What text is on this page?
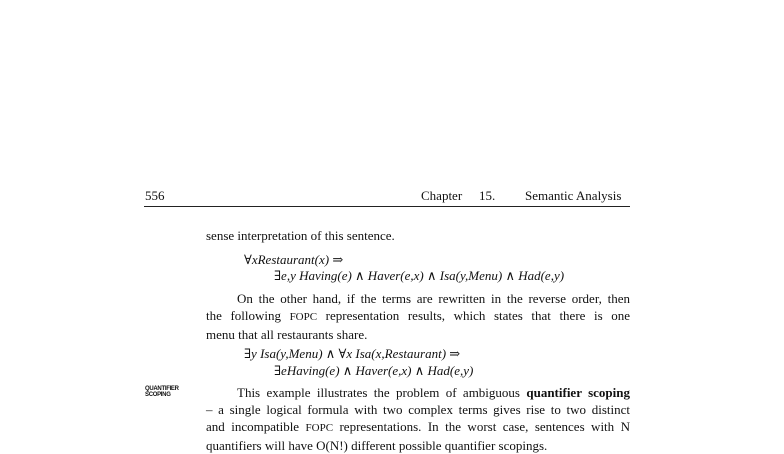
556	Chapter 15. Semantic Analysis
sense interpretation of this sentence.
∀xRestaurant(x) ⇒
∃e,y Having(e) ∧ Haver(e,x) ∧ Isa(y,Menu) ∧ Had(e,y)
On the other hand, if the terms are rewritten in the reverse order, then
the following FOPC representation results, which states that there is one
menu that all restaurants share.
∃y Isa(y,Menu) ∧ ∀x Isa(x,Restaurant) ⇒
∃eHaving(e) ∧ Haver(e,x) ∧ Had(e,y)
QUANTIFIER
SCOPING	This example illustrates the problem of ambiguous quantifier scoping
– a single logical formula with two complex terms gives rise to two distinct
and incompatible FOPC representations. In the worst case, sentences with N
quantifiers will have O(N!) different possible quantifier scopings.
